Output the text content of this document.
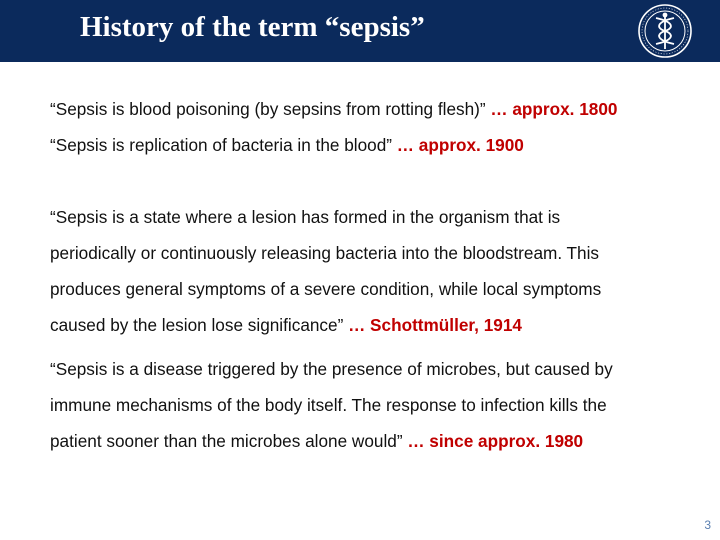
History of the term “sepsis”
“Sepsis is blood poisoning (by sepsins from rotting flesh)” … approx. 1800
“Sepsis is replication of bacteria in the blood” … approx. 1900
“Sepsis is a state where a lesion has formed in the organism that is
periodically or continuously releasing bacteria into the bloodstream. This
produces general symptoms of a severe condition, while local symptoms
caused by the lesion lose significance” … Schottmüller, 1914
“Sepsis is a disease triggered by the presence of microbes, but caused by
immune mechanisms of the body itself. The response to infection kills the
patient sooner than the microbes alone would” … since approx. 1980
3
